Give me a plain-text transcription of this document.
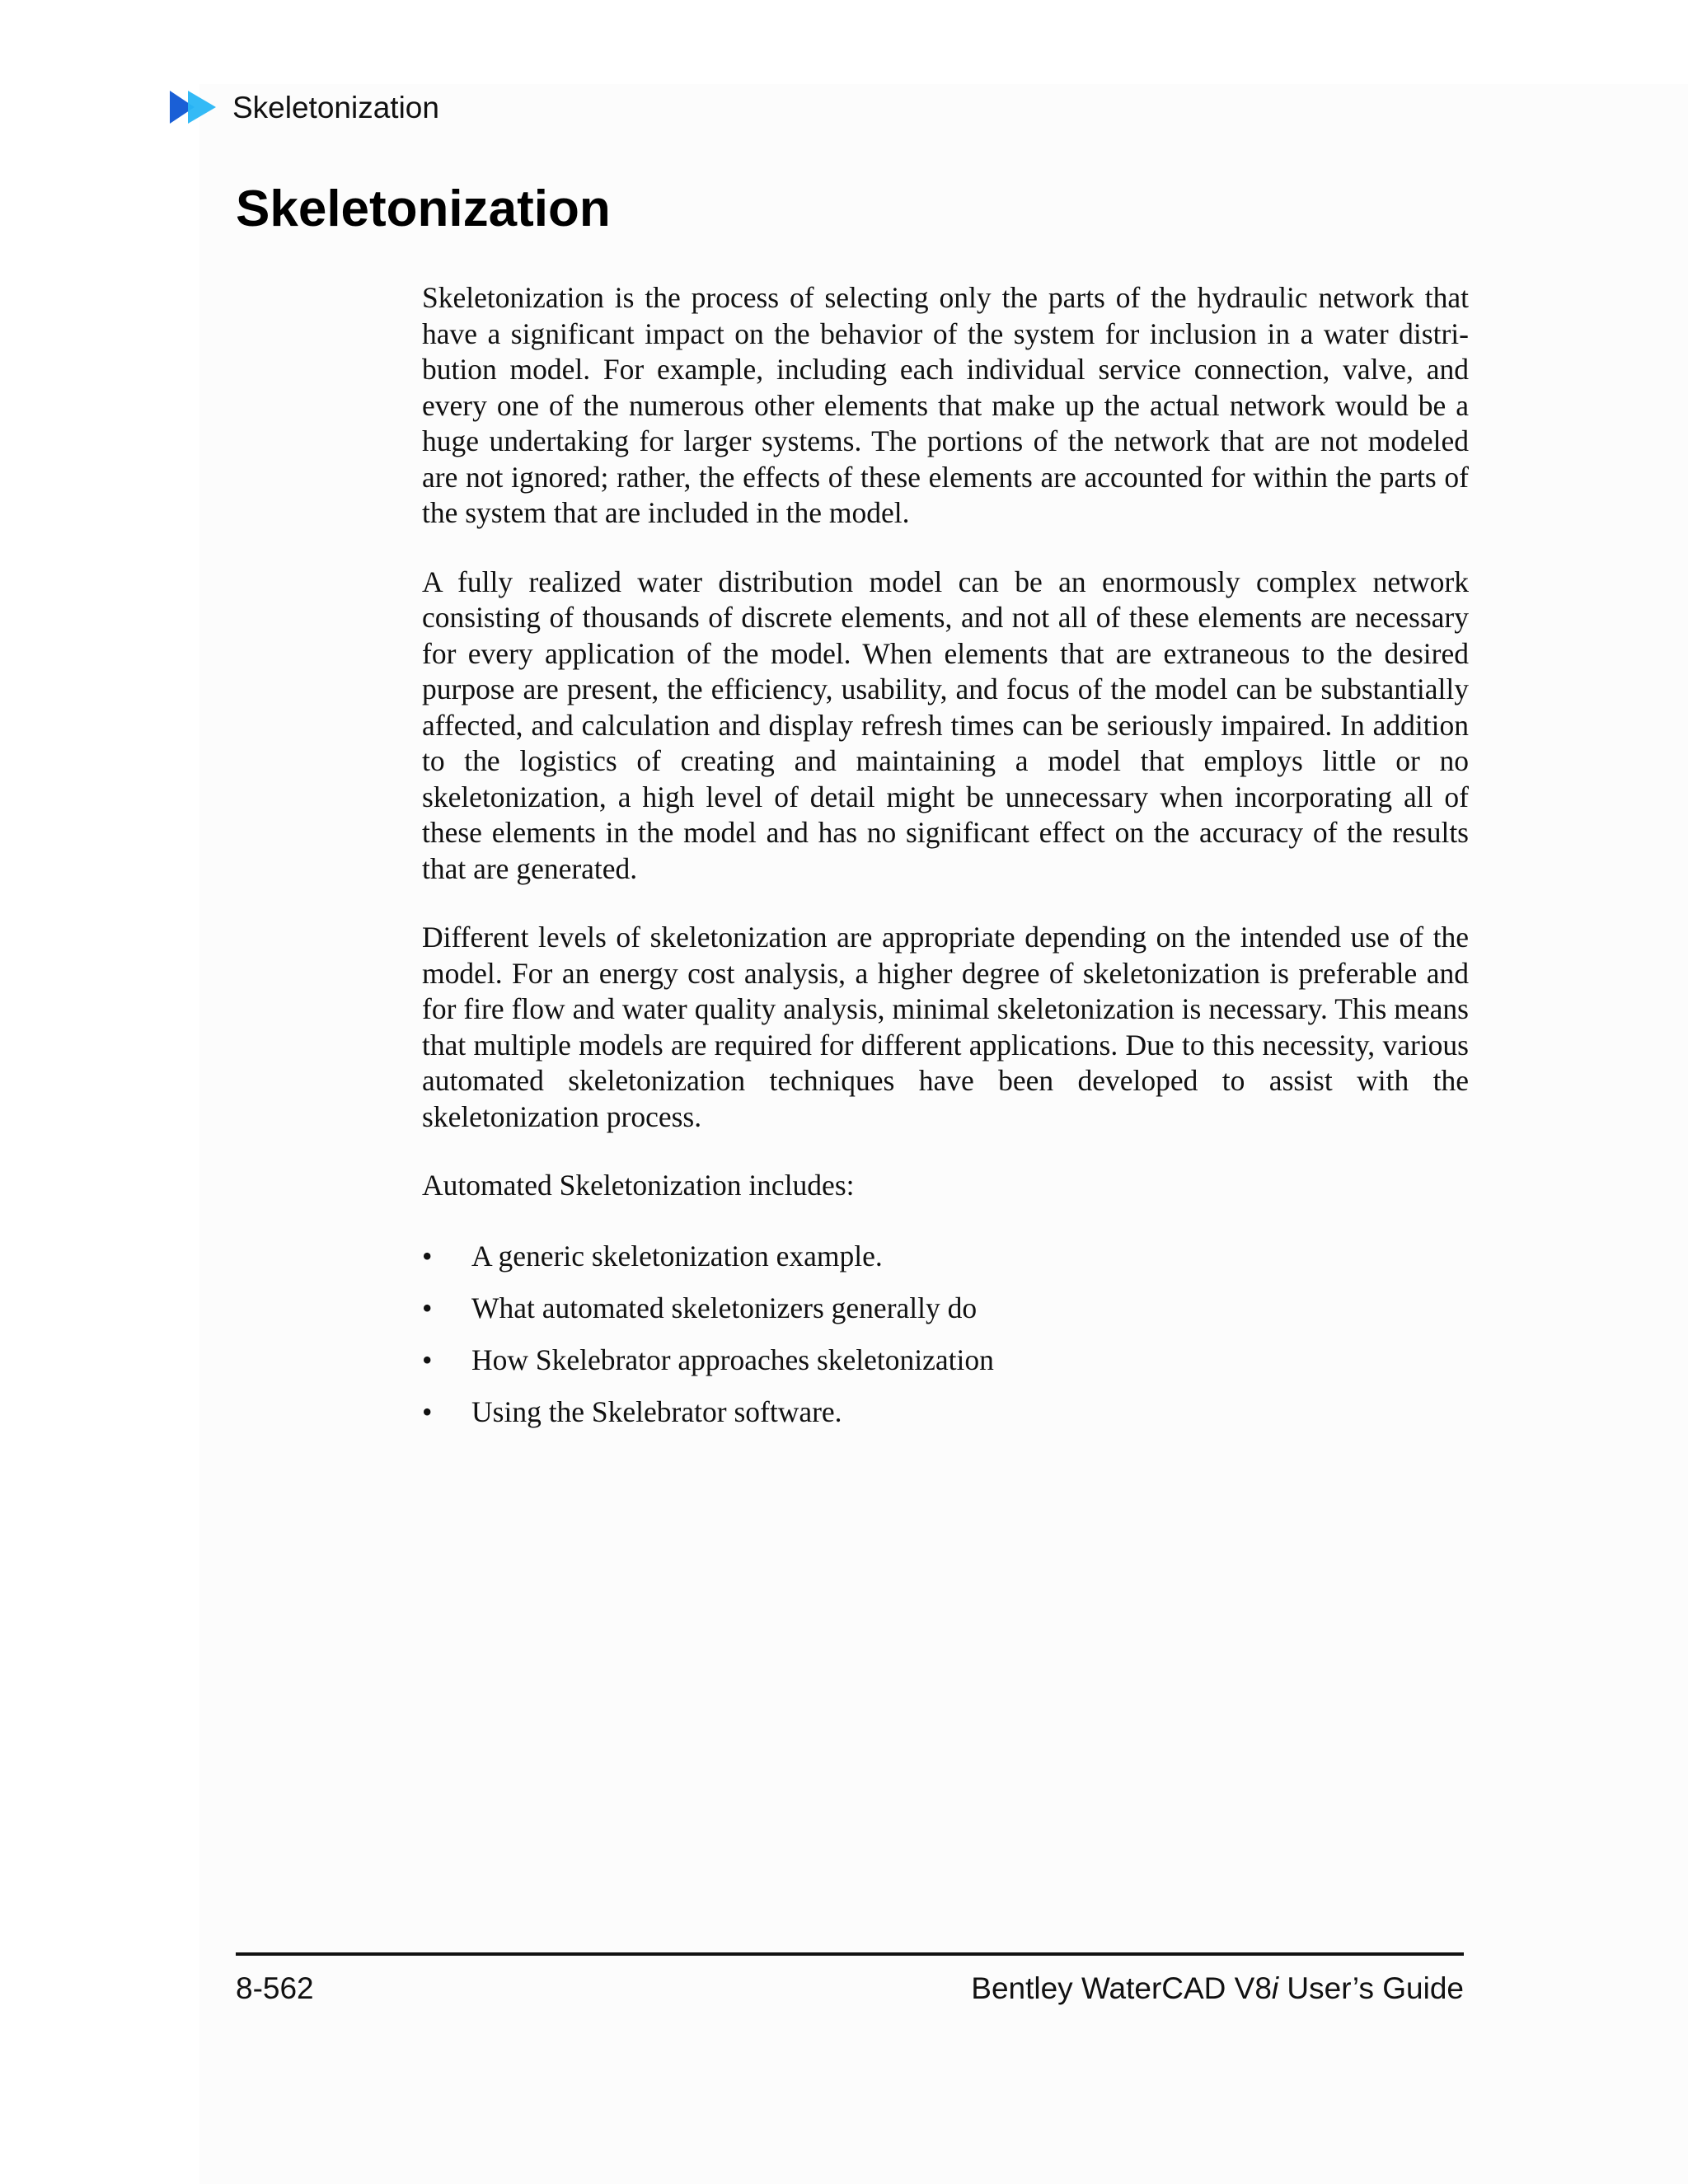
Skeletonization
Skeletonization

Skeletonization is the process of selecting only the parts of the hydraulic network that have a significant impact on the behavior of the system for inclusion in a water distribution model. For example, including each individual service connection, valve, and every one of the numerous other elements that make up the actual network would be a huge undertaking for larger systems. The portions of the network that are not modeled are not ignored; rather, the effects of these elements are accounted for within the parts of the system that are included in the model.

A fully realized water distribution model can be an enormously complex network consisting of thousands of discrete elements, and not all of these elements are necessary for every application of the model. When elements that are extraneous to the desired purpose are present, the efficiency, usability, and focus of the model can be substantially affected, and calculation and display refresh times can be seriously impaired. In addition to the logistics of creating and maintaining a model that employs little or no skeletonization, a high level of detail might be unnecessary when incorporating all of these elements in the model and has no significant effect on the accuracy of the results that are generated.

Different levels of skeletonization are appropriate depending on the intended use of the model. For an energy cost analysis, a higher degree of skeletonization is preferable and for fire flow and water quality analysis, minimal skeletonization is necessary. This means that multiple models are required for different applications. Due to this necessity, various automated skeletonization techniques have been developed to assist with the skeletonization process.

Automated Skeletonization includes:

•	A generic skeletonization example.
•	What automated skeletonizers generally do
•	How Skelebrator approaches skeletonization
•	Using the Skelebrator software.
8-562	Bentley WaterCAD V8i User’s Guide
